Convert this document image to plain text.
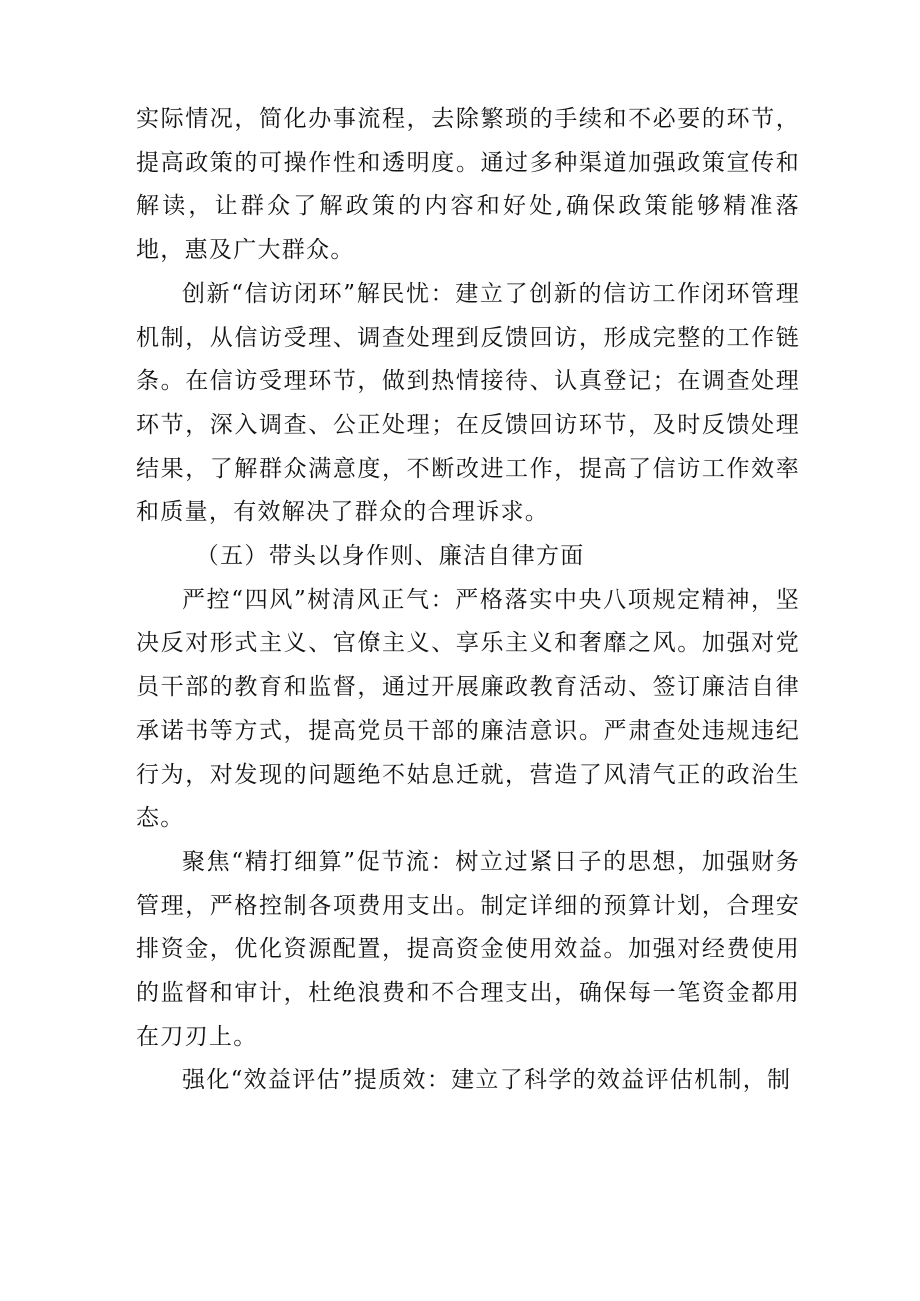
实际情况，简化办事流程，去除繁琐的手续和不必要的环节，提高政策的可操作性和透明度。通过多种渠道加强政策宣传和解读，让群众了解政策的内容和好处,确保政策能够精准落地，惠及广大群众。

创新“信访闭环”解民忧：建立了创新的信访工作闭环管理机制，从信访受理、调查处理到反馈回访，形成完整的工作链条。在信访受理环节，做到热情接待、认真登记；在调查处理环节，深入调查、公正处理；在反馈回访环节，及时反馈处理结果，了解群众满意度，不断改进工作，提高了信访工作效率和质量，有效解决了群众的合理诉求。

（五）带头以身作则、廉洁自律方面

严控“四风”树清风正气：严格落实中央八项规定精神，坚决反对形式主义、官僚主义、享乐主义和奢靡之风。加强对党员干部的教育和监督，通过开展廉政教育活动、签订廉洁自律承诺书等方式，提高党员干部的廉洁意识。严肃查处违规违纪行为，对发现的问题绝不姑息迁就，营造了风清气正的政治生态。

聚焦“精打细算”促节流：树立过紧日子的思想，加强财务管理，严格控制各项费用支出。制定详细的预算计划，合理安排资金，优化资源配置，提高资金使用效益。加强对经费使用的监督和审计，杜绝浪费和不合理支出，确保每一笔资金都用在刀刃上。

强化“效益评估”提质效：建立了科学的效益评估机制，制
